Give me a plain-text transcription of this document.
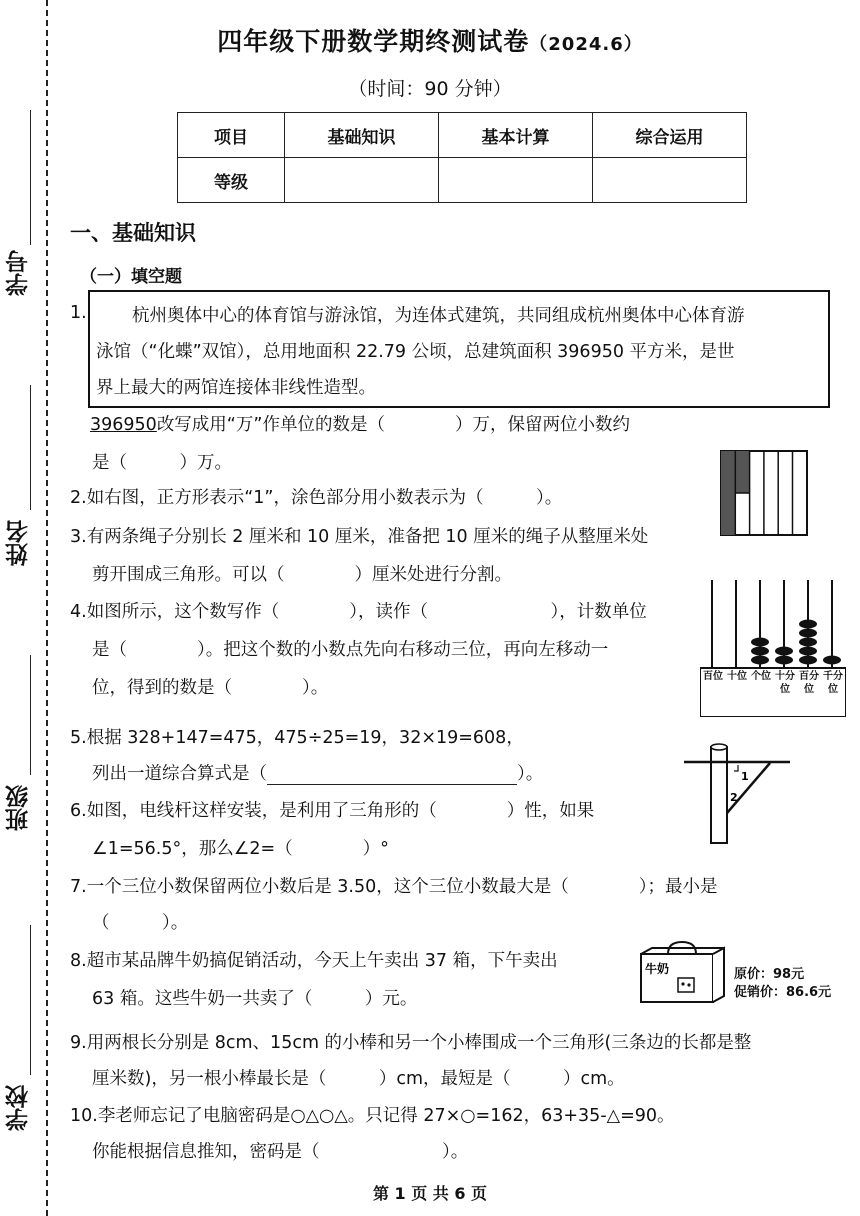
学号
姓名
班级
学校
四年级下册数学期终测试卷（2024.6）
（时间：90 分钟）
项目	基础知识	基本计算	综合运用
等级			
一、基础知识
（一）填空题
1.	杭州奥体中心的体育馆与游泳馆，为连体式建筑，共同组成杭州奥体中心体育游

泳馆（“化蝶”双馆），总用地面积 22.79 公顷，总建筑面积 396950 平方米，是世

界上最大的两馆连接体非线性造型。

396950改写成用“万”作单位的数是（　　　　）万，保留两位小数约
是（　　　）万。
2.如右图，正方形表示“1”，涂色部分用小数表示为（　　　）。
3.有两条绳子分别长 2 厘米和 10 厘米，准备把 10 厘米的绳子从整厘米处
剪开围成三角形。可以（　　　　）厘米处进行分割。
4.如图所示，这个数写作（　　　　），读作（　　　　　　　），计数单位
是（　　　　）。把这个数的小数点先向右移动三位，再向左移动一
位，得到的数是（　　　　）。
百位 十位 个位 十分位
百分位
千分位
5.根据 328+147=475，475÷25=19，32×19=608，
列出一道综合算式是（	）。
6.如图，电线杆这样安装，是利用了三角形的（　　　　）性，如果
∠1=56.5°，那么∠2=（　　　　）°
1
2
7.一个三位小数保留两位小数后是 3.50，这个三位小数最大是（　　　　）；最小是
（　　　）。
8.超市某品牌牛奶搞促销活动，今天上午卖出 37 箱，下午卖出
63 箱。这些牛奶一共卖了（　　　）元。
牛奶	原价：98元
促销价：86.6元
9.用两根长分别是 8cm、15cm 的小棒和另一个小棒围成一个三角形(三条边的长都是整
厘米数)，另一根小棒最长是（　　　）cm，最短是（　　　）cm。
10.李老师忘记了电脑密码是○△○△。只记得 27×○=162，63+35-△=90。
你能根据信息推知，密码是（　　　　　　　）。
第 1 页 共 6 页
